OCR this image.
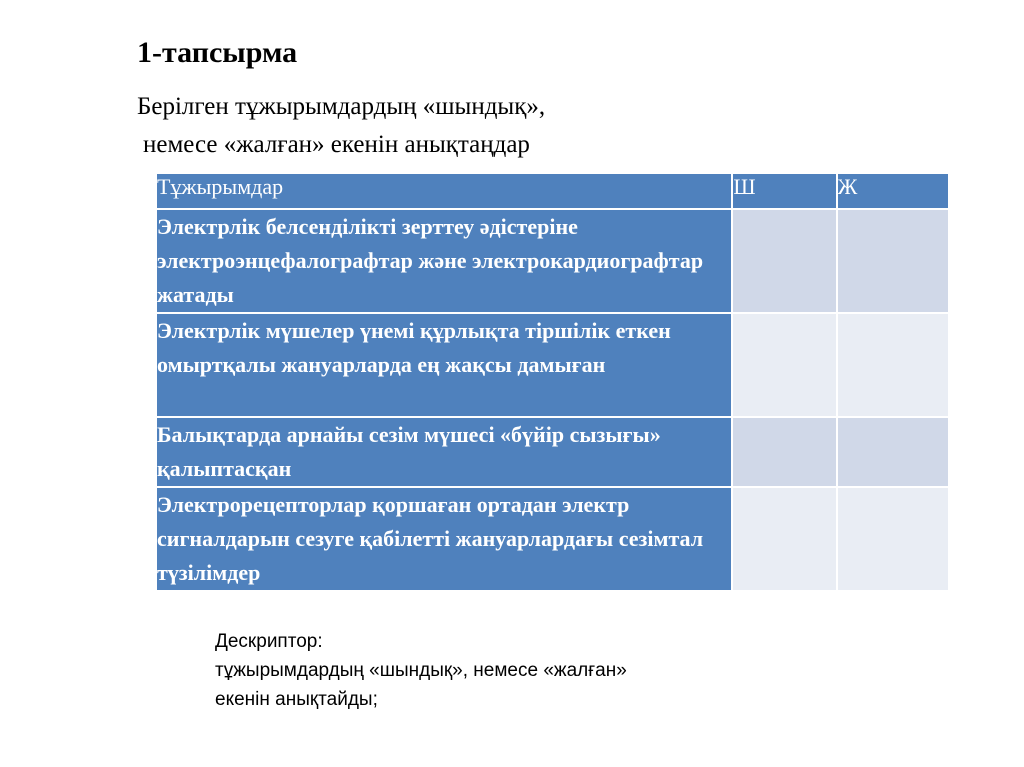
1-тапсырма
Берілген тұжырымдардың «шындық»,
немесе «жалған» екенін анықтаңдар
Тұжырымдар	Ш	Ж
Электрлік белсенділікті зерттеу әдістеріне электроэнцефалографтар және электрокардиографтар жатады		
Электрлік мүшелер үнемі құрлықта тіршілік еткен омыртқалы жануарларда ең жақсы дамыған		
Балықтарда арнайы сезім мүшесі «бүйір сызығы» қалыптасқан		
Электрорецепторлар қоршаған ортадан электр сигналдарын сезуге қабілетті жануарлардағы сезімтал түзілімдер		
Дескриптор:
тұжырымдардың «шындық», немесе «жалған»
екенін анықтайды;
